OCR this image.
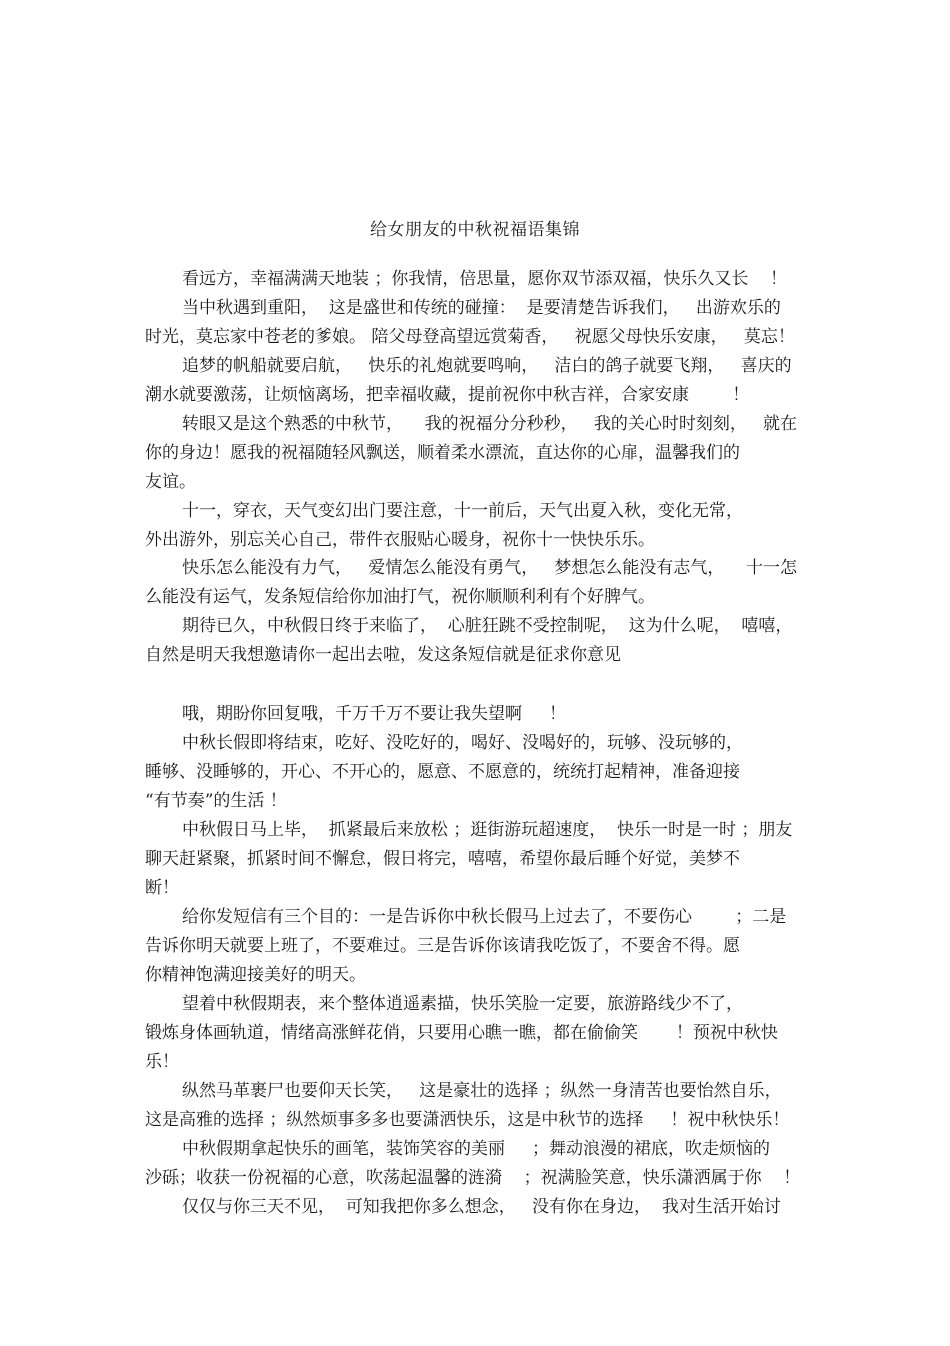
给女朋友的中秋祝福语集锦
看远方，幸福满满天地装 ；你我情，倍思量，愿你双节添双福，快乐久又长    ！
当中秋遇到重阳，  这是盛世和传统的碰撞：  是要清楚告诉我们，   出游欢乐的
时光，莫忘家中苍老的爹娘。 陪父母登高望远赏菊香，   祝愿父母快乐安康，   莫忘！
追梦的帆船就要启航，   快乐的礼炮就要鸣响，   洁白的鸽子就要飞翔，   喜庆的
潮水就要激荡，让烦恼离场，把幸福收藏，提前祝你中秋吉祥，合家安康        ！
转眼又是这个熟悉的中秋节，    我的祝福分分秒秒，   我的关心时时刻刻，   就在
你的身边！愿我的祝福随轻风飘送，顺着柔水漂流，直达你的心扉，温馨我们的
友谊。
十一，穿衣，天气变幻出门要注意，十一前后，天气出夏入秋，变化无常，
外出游外，别忘关心自己，带件衣服贴心暖身，祝你十一快快乐乐。
快乐怎么能没有力气，   爱情怎么能没有勇气，   梦想怎么能没有志气，    十一怎
么能没有运气，发条短信给你加油打气，祝你顺顺利利有个好脾气。
期待已久，中秋假日终于来临了，  心脏狂跳不受控制呢，  这为什么呢，  嘻嘻，
自然是明天我想邀请你一起出去啦，发这条短信就是征求你意见
哦，期盼你回复哦，千万千万不要让我失望啊     ！
中秋长假即将结束，吃好、没吃好的，喝好、没喝好的，玩够、没玩够的，
睡够、没睡够的，开心、不开心的，愿意、不愿意的，统统打起精神，准备迎接
“有节奏”的生活 ！
中秋假日马上毕，  抓紧最后来放松 ；逛街游玩超速度，  快乐一时是一时 ；朋友
聊天赶紧聚，抓紧时间不懈怠，假日将完，嘻嘻，希望你最后睡个好觉，美梦不
断！
给你发短信有三个目的：一是告诉你中秋长假马上过去了，不要伤心        ；二是
告诉你明天就要上班了，不要难过。三是告诉你该请我吃饭了，不要舍不得。愿
你精神饱满迎接美好的明天。
望着中秋假期表，来个整体逍遥素描，快乐笑脸一定要，旅游路线少不了，
锻炼身体画轨道，情绪高涨鲜花俏，只要用心瞧一瞧，都在偷偷笑       ！预祝中秋快
乐！
纵然马革裹尸也要仰天长笑，   这是豪壮的选择 ；纵然一身清苦也要怡然自乐，
这是高雅的选择 ；纵然烦事多多也要潇洒快乐，这是中秋节的选择     ！祝中秋快乐！
中秋假期拿起快乐的画笔，装饰笑容的美丽     ；舞动浪漫的裙底，吹走烦恼的
沙砾；收获一份祝福的心意，吹荡起温馨的涟漪    ；祝满脸笑意，快乐潇洒属于你    ！
仅仅与你三天不见，  可知我把你多么想念，   没有你在身边，  我对生活开始讨
